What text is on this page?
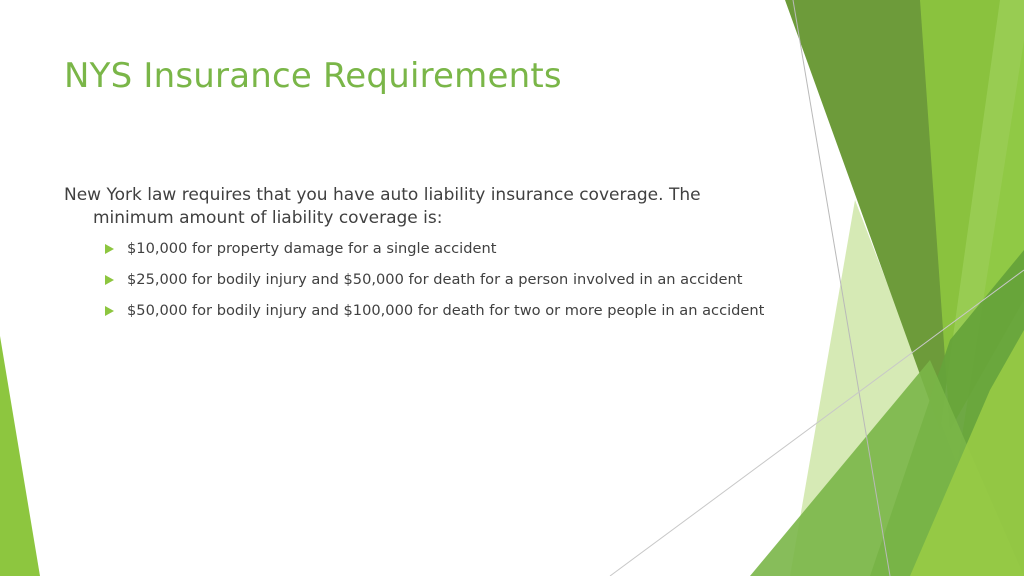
NYS Insurance Requirements

New York law requires that you have auto liability insurance coverage. The minimum amount of liability coverage is:

$10,000 for property damage for a single accident
$25,000 for bodily injury and $50,000 for death for a person involved in an accident
$50,000 for bodily injury and $100,000 for death for two or more people in an accident
